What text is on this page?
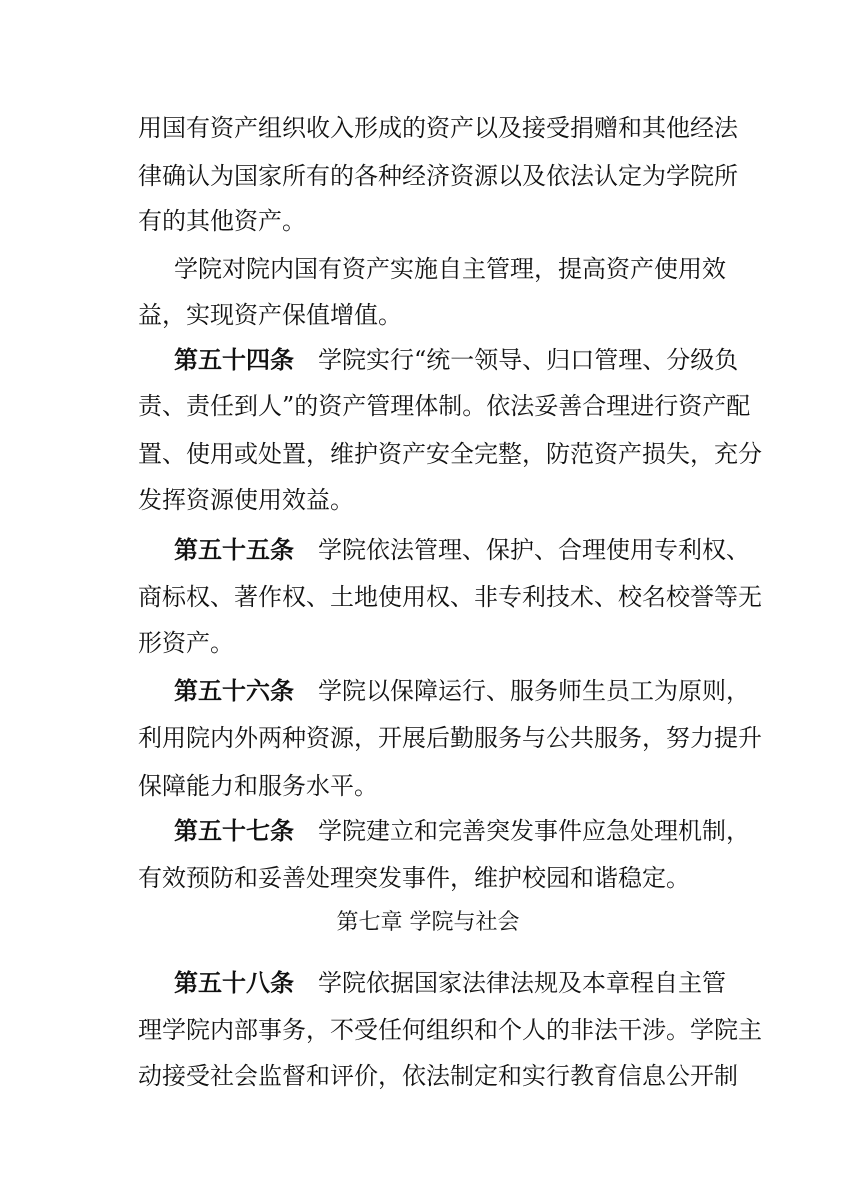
用国有资产组织收入形成的资产以及接受捐赠和其他经法
律确认为国家所有的各种经济资源以及依法认定为学院所
有的其他资产。
学院对院内国有资产实施自主管理，提高资产使用效
益，实现资产保值增值。
第五十四条 学院实行“统一领导、归口管理、分级负
责、责任到人”的资产管理体制。依法妥善合理进行资产配
置、使用或处置，维护资产安全完整，防范资产损失，充分
发挥资源使用效益。
第五十五条 学院依法管理、保护、合理使用专利权、
商标权、著作权、土地使用权、非专利技术、校名校誉等无
形资产。
第五十六条 学院以保障运行、服务师生员工为原则，
利用院内外两种资源，开展后勤服务与公共服务，努力提升
保障能力和服务水平。
第五十七条 学院建立和完善突发事件应急处理机制，
有效预防和妥善处理突发事件，维护校园和谐稳定。
第七章 学院与社会
第五十八条 学院依据国家法律法规及本章程自主管
理学院内部事务，不受任何组织和个人的非法干涉。学院主
动接受社会监督和评价，依法制定和实行教育信息公开制
